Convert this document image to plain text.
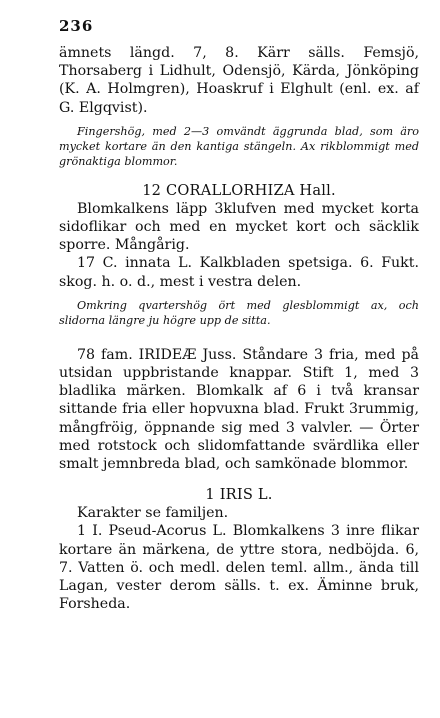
236

ämnets längd. 7, 8. Kärr sälls. Femsjö, Thorsaberg i Lidhult, Odensjö, Kärda, Jönköping (K. A. Holmgren), Hoaskruf i Elghult (enl. ex. af G. Elgqvist).

Fingershög, med 2—3 omvändt äggrunda blad, som äro mycket kortare än den kantiga stängeln. Ax rikblommigt med grönaktiga blommor.

12 CORALLORHIZA Hall.

Blomkalkens läpp 3klufven med mycket korta sidoflikar och med en mycket kort och säcklik sporre. Mångårig.

17 C. innata L. Kalkbladen spetsiga. 6. Fukt. skog. h. o. d., mest i vestra delen.

Omkring qvartershög ört med glesblommigt ax, och slidorna längre ju högre upp de sitta.

78 fam. IRIDEÆ Juss. Ståndare 3 fria, med på utsidan uppbristande knappar. Stift 1, med 3 bladlika märken. Blomkalk af 6 i två kransar sittande fria eller hopvuxna blad. Frukt 3rummig, mångfröig, öppnande sig med 3 valvler. — Örter med rotstock och slidomfattande svärdlika eller smalt jemnbreda blad, och samkönade blommor.

1 IRIS L.

Karakter se familjen.

1 I. Pseud-Acorus L. Blomkalkens 3 inre flikar kortare än märkena, de yttre stora, nedböjda. 6, 7. Vatten ö. och medl. delen teml. allm., ända till Lagan, vester derom sälls. t. ex. Äminne bruk, Forsheda.
